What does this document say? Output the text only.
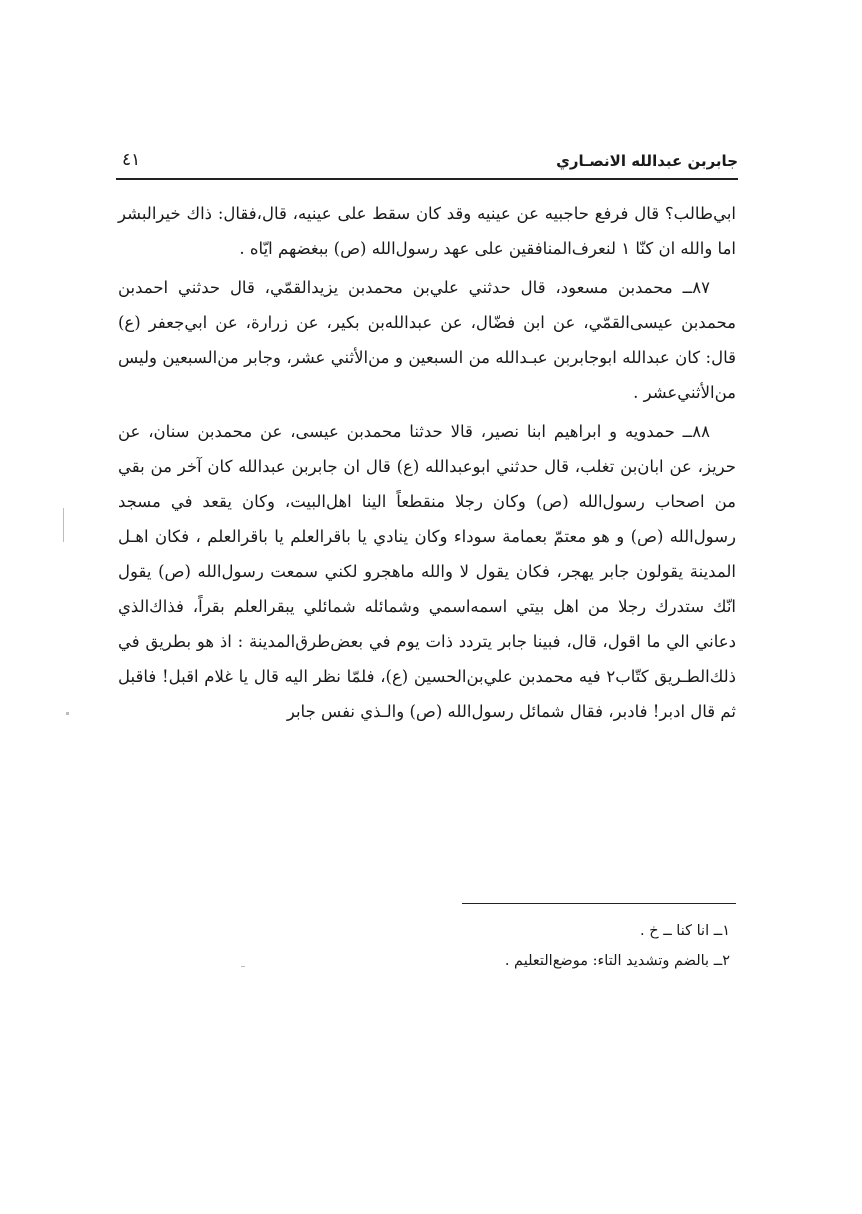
جابربن عبدالله الانصـاري
٤١

ابي‌طالب؟ قال فرفع حاجبيه عن عينيه وقد كان سقط على عينيه، قال،فقال: ذاك خيرالبشر اما والله ان كنّا ١ لنعرف‌المنافقين على عهد رسول‌الله (ص) ببغضهم ايّاه .

٨٧ــ محمدبن مسعود، قال حدثني علي‌بن محمدبن يزيدالقمّي، قال حدثني احمدبن محمدبن عيسى‌القمّي، عن ابن فضّال، عن عبدالله‌بن بكير، عن زرارة، عن ابي‌جعفر (ع) قال: كان عبدالله ابوجابربن عبـدالله من السبعين و من‌الأثني عشر، وجابر من‌السبعين وليس من‌الأثني‌عشر .

٨٨ــ حمدويه و ابراهيم ابنا نصير، قالا حدثنا محمدبن عيسى، عن محمدبن سنان، عن حريز، عن ابان‌بن تغلب، قال حدثني ابوعبدالله (ع) قال ان جابربن عبدالله كان آخر من بقي من اصحاب رسول‌الله (ص) وكان رجلا منقطعاً الينا اهل‌البيت، وكان يقعد في مسجد رسول‌الله (ص) و هو معتمّ بعمامة سوداء وكان ينادي يا باقرالعلم يا باقرالعلم ، فكان اهـل المدينة يقولون جابر يهجر، فكان يقول لا والله ماهجرو لكني سمعت رسول‌الله (ص) يقول انّك ستدرك رجلا من اهل بيتي اسمه‌اسمي وشمائله شمائلي يبقرالعلم بقراً، فذاك‌الذي دعاني الي ما اقول، قال، فبينا جابر يتردد ذات يوم في بعض‌طرق‌المدينة : اذ هو بطريق في ذلك‌الطـريق كتّاب٢ فيه محمدبن علي‌بن‌الحسين (ع)، فلمّا نظر اليه قال يا غلام اقبل! فاقبل ثم قال ادبر! فادبر، فقال شمائل رسول‌الله (ص) والـذي نفس جابر

١ــ انا كنا ــ خ .
٢ــ بالضم وتشديد التاء: موضع‌التعليم .
